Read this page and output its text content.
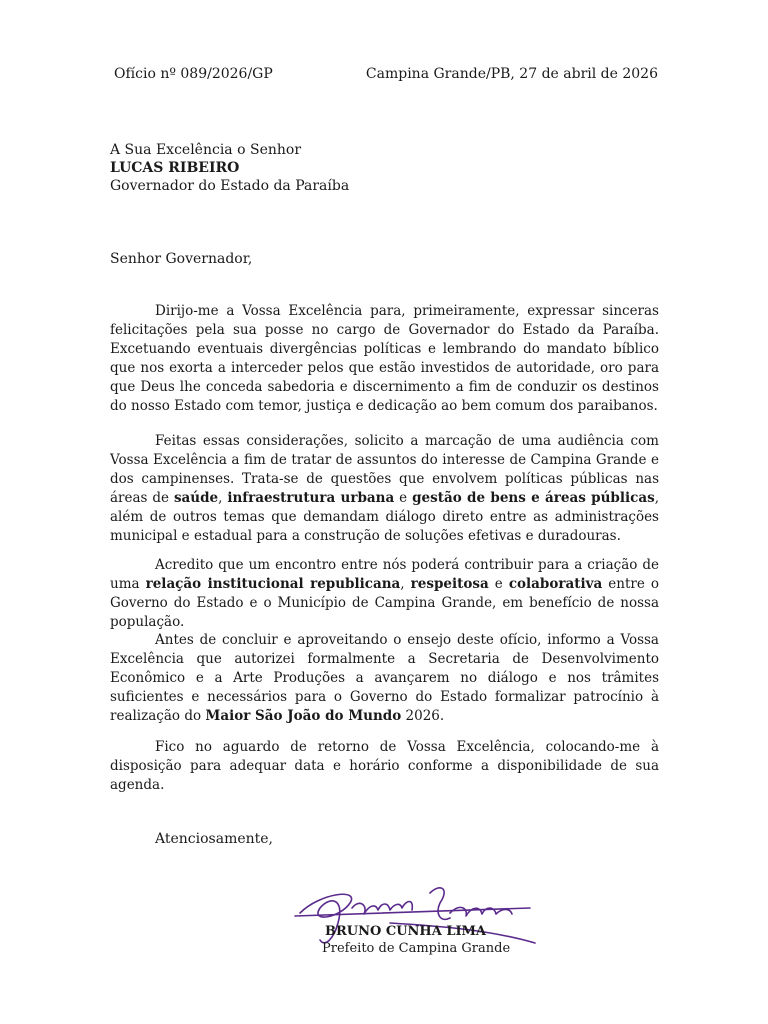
Ofício nº 089/2026/GP	Campina Grande/PB, 27 de abril de 2026
A Sua Excelência o Senhor
LUCAS RIBEIRO
Governador do Estado da Paraíba
Senhor Governador,

Dirijo-me a Vossa Excelência para, primeiramente, expressar sinceras felicitações pela sua posse no cargo de Governador do Estado da Paraíba. Excetuando eventuais divergências políticas e lembrando do mandato bíblico que nos exorta a interceder pelos que estão investidos de autoridade, oro para que Deus lhe conceda sabedoria e discernimento a fim de conduzir os destinos do nosso Estado com temor, justiça e dedicação ao bem comum dos paraibanos.

Feitas essas considerações, solicito a marcação de uma audiência com Vossa Excelência a fim de tratar de assuntos do interesse de Campina Grande e dos campinenses. Trata-se de questões que envolvem políticas públicas nas áreas de saúde, infraestrutura urbana e gestão de bens e áreas públicas, além de outros temas que demandam diálogo direto entre as administrações municipal e estadual para a construção de soluções efetivas e duradouras.

Acredito que um encontro entre nós poderá contribuir para a criação de uma relação institucional republicana, respeitosa e colaborativa entre o Governo do Estado e o Município de Campina Grande, em benefício de nossa população.

Antes de concluir e aproveitando o ensejo deste ofício, informo a Vossa Excelência que autorizei formalmente a Secretaria de Desenvolvimento Econômico e a Arte Produções a avançarem no diálogo e nos trâmites suficientes e necessários para o Governo do Estado formalizar patrocínio à realização do Maior São João do Mundo 2026.

Fico no aguardo de retorno de Vossa Excelência, colocando-me à disposição para adequar data e horário conforme a disponibilidade de sua agenda.

Atenciosamente,
BRUNO CUNHA LIMA
Prefeito de Campina Grande
